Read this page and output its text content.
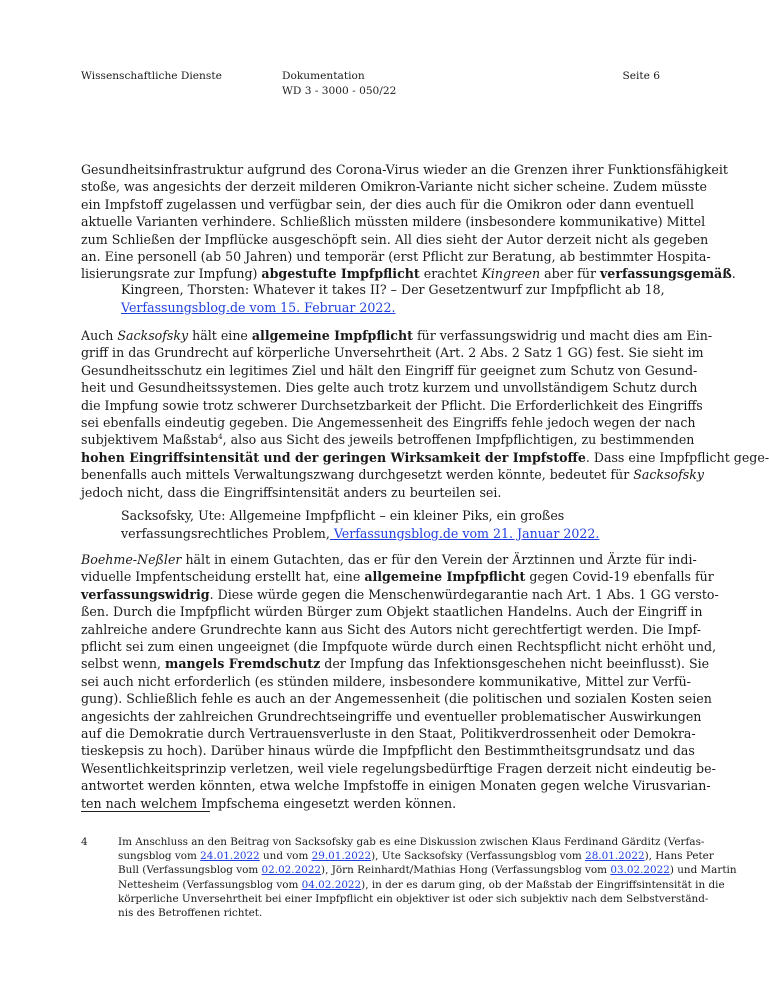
Wissenschaftliche Dienste	Dokumentation
WD 3 - 3000 - 050/22
Seite 6

Gesundheitsinfrastruktur aufgrund des Corona-Virus wieder an die Grenzen ihrer Funktionsfähigkeit
stoße, was angesichts der derzeit milderen Omikron-Variante nicht sicher scheine. Zudem müsste
ein Impfstoff zugelassen und verfügbar sein, der dies auch für die Omikron oder dann eventuell
aktuelle Varianten verhindere. Schließlich müssten mildere (insbesondere kommunikative) Mittel
zum Schließen der Impflücke ausgeschöpft sein. All dies sieht der Autor derzeit nicht als gegeben
an. Eine personell (ab 50 Jahren) und temporär (erst Pflicht zur Beratung, ab bestimmter Hospita-
lisierungsrate zur Impfung) abgestufte Impfpflicht erachtet Kingreen aber für verfassungsgemäß.

Kingreen, Thorsten: Whatever it takes II? – Der Gesetzentwurf zur Impfpflicht ab 18,
Verfassungsblog.de vom 15. Februar 2022.

Auch Sacksofsky hält eine allgemeine Impfpflicht für verfassungswidrig und macht dies am Ein-
griff in das Grundrecht auf körperliche Unversehrtheit (Art. 2 Abs. 2 Satz 1 GG) fest. Sie sieht im
Gesundheitsschutz ein legitimes Ziel und hält den Eingriff für geeignet zum Schutz von Gesund-
heit und Gesundheitssystemen. Dies gelte auch trotz kurzem und unvollständigem Schutz durch
die Impfung sowie trotz schwerer Durchsetzbarkeit der Pflicht. Die Erforderlichkeit des Eingriffs
sei ebenfalls eindeutig gegeben. Die Angemessenheit des Eingriffs fehle jedoch wegen der nach
subjektivem Maßstab$^4$, also aus Sicht des jeweils betroffenen Impfpflichtigen, zu bestimmenden
hohen Eingriffsintensität und der geringen Wirksamkeit der Impfstoffe. Dass eine Impfpflicht gege-
benenfalls auch mittels Verwaltungszwang durchgesetzt werden könnte, bedeutet für Sacksofsky
jedoch nicht, dass die Eingriffsintensität anders zu beurteilen sei.

Sacksofsky, Ute: Allgemeine Impfpflicht – ein kleiner Piks, ein großes
verfassungsrechtliches Problem, Verfassungsblog.de vom 21. Januar 2022.

Boehme-Neßler hält in einem Gutachten, das er für den Verein der Ärztinnen und Ärzte für indi-
viduelle Impfentscheidung erstellt hat, eine allgemeine Impfpflicht gegen Covid-19 ebenfalls für
verfassungswidrig. Diese würde gegen die Menschenwürdegarantie nach Art. 1 Abs. 1 GG versto-
ßen. Durch die Impfpflicht würden Bürger zum Objekt staatlichen Handelns. Auch der Eingriff in
zahlreiche andere Grundrechte kann aus Sicht des Autors nicht gerechtfertigt werden. Die Impf-
pflicht sei zum einen ungeeignet (die Impfquote würde durch einen Rechtspflicht nicht erhöht und,
selbst wenn, mangels Fremdschutz der Impfung das Infektionsgeschehen nicht beeinflusst). Sie
sei auch nicht erforderlich (es stünden mildere, insbesondere kommunikative, Mittel zur Verfü-
gung). Schließlich fehle es auch an der Angemessenheit (die politischen und sozialen Kosten seien
angesichts der zahlreichen Grundrechtseingriffe und eventueller problematischer Auswirkungen
auf die Demokratie durch Vertrauensverluste in den Staat, Politikverdrossenheit oder Demokra-
tieskepsis zu hoch). Darüber hinaus würde die Impfpflicht den Bestimmtheitsgrundsatz und das
Wesentlichkeitsprinzip verletzen, weil viele regelungsbedürftige Fragen derzeit nicht eindeutig be-
antwortet werden könnten, etwa welche Impfstoffe in einigen Monaten gegen welche Virusvarian-
ten nach welchem Impfschema eingesetzt werden können.

4	Im Anschluss an den Beitrag von Sacksofsky gab es eine Diskussion zwischen Klaus Ferdinand Gärditz (Verfas-
sungsblog vom 24.01.2022 und vom 29.01.2022), Ute Sacksofsky (Verfassungsblog vom 28.01.2022), Hans Peter
Bull (Verfassungsblog vom 02.02.2022), Jörn Reinhardt/Mathias Hong (Verfassungsblog vom 03.02.2022) und Martin
Nettesheim (Verfassungsblog vom 04.02.2022), in der es darum ging, ob der Maßstab der Eingriffsintensität in die
körperliche Unversehrtheit bei einer Impfpflicht ein objektiver ist oder sich subjektiv nach dem Selbstverständ-
nis des Betroffenen richtet.
